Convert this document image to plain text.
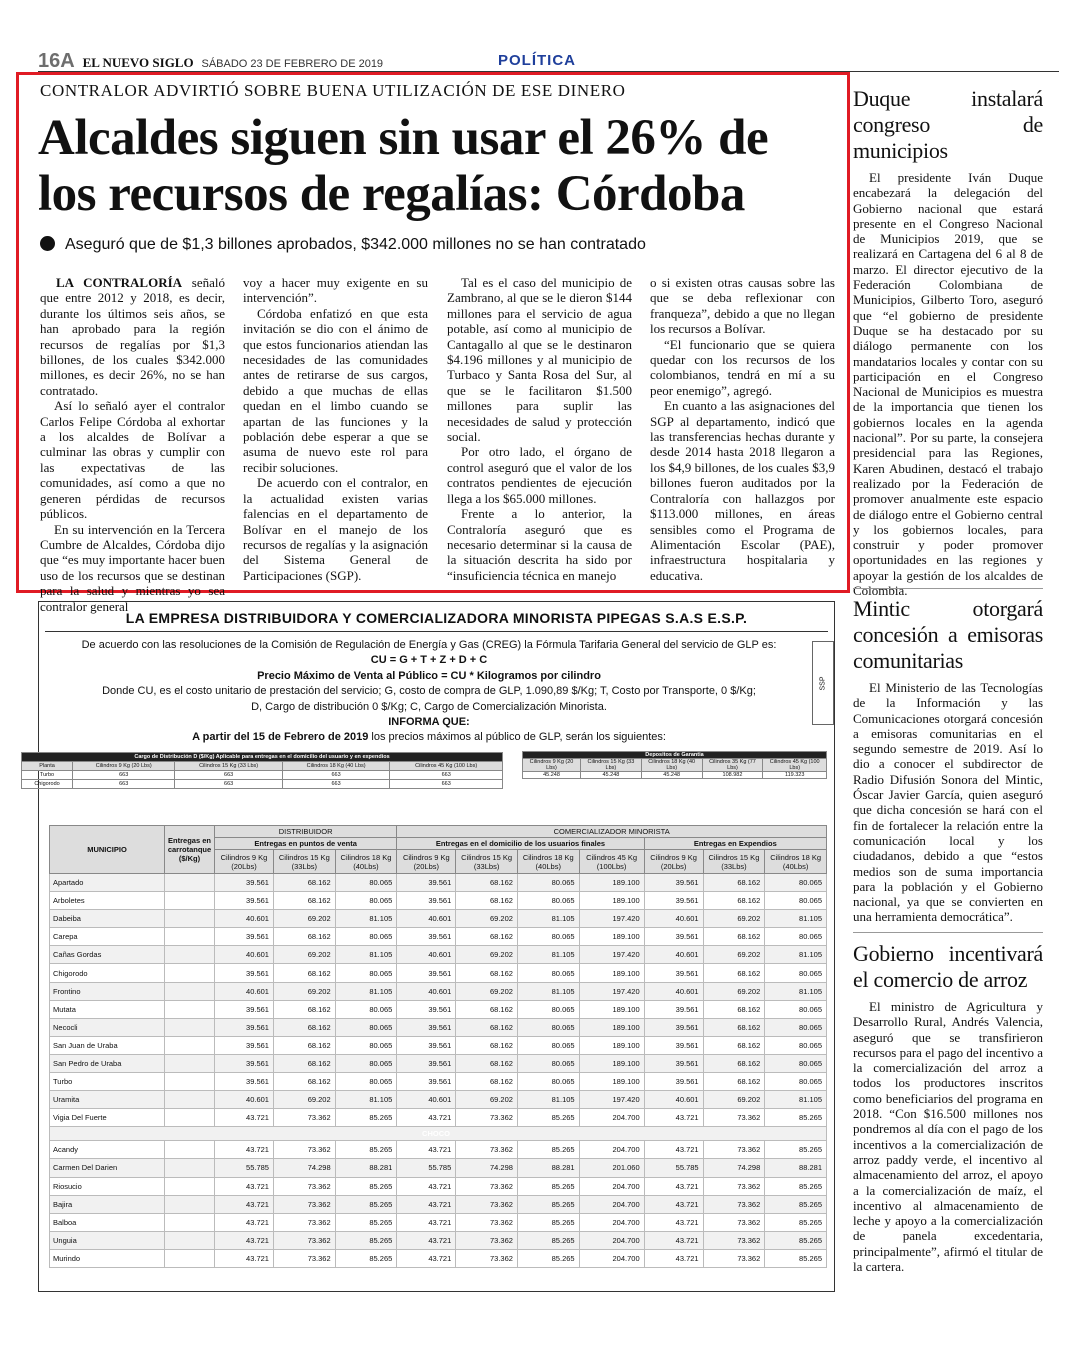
16A EL NUEVO SIGLO SÁBADO 23 DE FEBRERO DE 2019	POLÍTICA
CONTRALOR ADVIRTIÓ SOBRE BUENA UTILIZACIÓN DE ESE DINERO
Alcaldes siguen sin usar el 26% de los recursos de regalías: Córdoba
Aseguró que de $1,3 billones aprobados, $342.000 millones no se han contratado

LA CONTRALORÍA señaló que entre 2012 y 2018, es decir, durante los últimos seis años, se han aprobado para la región recursos de regalías por $1,3 billones, de los cuales $342.000 millones, es decir 26%, no se han contratado.

Así lo señaló ayer el contralor Carlos Felipe Córdoba al exhortar a los alcaldes de Bolívar a culminar las obras y cumplir con las expectativas de las comunidades, así como a que no generen pérdidas de recursos públicos.

En su intervención en la Tercera Cumbre de Alcaldes, Córdoba dijo que “es muy importante hacer buen uso de los recursos que se destinan para la salud y mientras yo sea contralor general

voy a hacer muy exigente en su intervención”.

Córdoba enfatizó en que esta invitación se dio con el ánimo de que estos funcionarios atiendan las necesidades de las comunidades antes de retirarse de sus cargos, debido a que muchas de ellas quedan en el limbo cuando se apartan de las funciones y la población debe esperar a que se asuma de nuevo este rol para recibir soluciones.

De acuerdo con el contralor, en la actualidad existen varias falencias en el departamento de Bolívar en el manejo de los recursos de regalías y la asignación del Sistema General de Participaciones (SGP).

Tal es el caso del municipio de Zambrano, al que se le dieron $144 millones para el servicio de agua potable, así como al municipio de Cantagallo al que se le destinaron $4.196 millones y al municipio de Turbaco y Santa Rosa del Sur, al que se le facilitaron $1.500 millones para suplir las necesidades de salud y protección social.

Por otro lado, el órgano de control aseguró que el valor de los contratos pendientes de ejecución llega a los $65.000 millones.

Frente a lo anterior, la Contraloría aseguró que es necesario determinar si la causa de la situación descrita ha sido por “insuficiencia técnica en manejo

o si existen otras causas sobre las que se deba reflexionar con franqueza”, debido a que no llegan los recursos a Bolívar.

“El funcionario que se quiera quedar con los recursos de los colombianos, tendrá en mí a su peor enemigo”, agregó.

En cuanto a las asignaciones del SGP al departamento, indicó que las transferencias hechas durante y desde 2014 hasta 2018 llegaron a los $4,9 billones, de los cuales $3,9 billones fueron auditados por la Contraloría con hallazgos por $113.000 millones, en áreas sensibles como el Programa de Alimentación Escolar (PAE), infraestructura hospitalaria y educativa.

Duque instalará congreso de municipios

El presidente Iván Duque encabezará la delegación del Gobierno nacional que estará presente en el Congreso Nacional de Municipios 2019, que se realizará en Cartagena del 6 al 8 de marzo. El director ejecutivo de la Federación Colombiana de Municipios, Gilberto Toro, aseguró que “el gobierno de presidente Duque se ha destacado por su diálogo permanente con los mandatarios locales y contar con su participación en el Congreso Nacional de Municipios es muestra de la importancia que tienen los gobiernos locales en la agenda nacional”. Por su parte, la consejera presidencial para las Regiones, Karen Abudinen, destacó el trabajo realizado por la Federación de promover anualmente este espacio de diálogo entre el Gobierno central y los gobiernos locales, para construir y poder promover oportunidades en las regiones y apoyar la gestión de los alcaldes de Colombia.

Mintic otorgará concesión a emisoras comunitarias

El Ministerio de las Tecnologías de la Información y las Comunicaciones otorgará concesión a emisoras comunitarias en el segundo semestre de 2019. Así lo dio a conocer el subdirector de Radio Difusión Sonora del Mintic, Óscar Javier García, quien aseguró que dicha concesión se hará con el fin de fortalecer la relación entre la comunicación local y los ciudadanos, debido a que “estos medios son de suma importancia para la población y el Gobierno nacional, ya que se convierten en una herramienta democrática”.

Gobierno incentivará el comercio de arroz

El ministro de Agricultura y Desarrollo Rural, Andrés Valencia, aseguró que se transfirieron recursos para el pago del incentivo a la comercialización del arroz a todos los productores inscritos como beneficiarios del programa en 2018. “Con $16.500 millones nos pondremos al día con el pago de los incentivos a la comercialización de arroz paddy verde, el incentivo al almacenamiento del arroz, el apoyo a la comercialización de maíz, el incentivo al almacenamiento de leche y apoyo a la comercialización de panela excedentaria, principalmente”, afirmó el titular de la cartera.

LA EMPRESA DISTRIBUIDORA Y COMERCIALIZADORA MINORISTA PIPEGAS S.A.S E.S.P.
De acuerdo con las resoluciones de la Comisión de Regulación de Energía y Gas (CREG) la Fórmula Tarifaria General del servicio de GLP es:
CU = G + T + Z + D + C
Precio Máximo de Venta al Público = CU * Kilogramos por cilindro
Donde CU, es el costo unitario de prestación del servicio; G, costo de compra de GLP, 1.090,89 $/Kg; T, Costo por Transporte, 0 $/Kg;
D, Cargo de distribución 0 $/Kg; C, Cargo de Comercialización Minorista.
INFORMA QUE:
A partir del 15 de Febrero de 2019 los precios máximos al público de GLP, serán los siguientes:
SSP
Cargo de Distribución D ($/Kg) Aplicable para entregas en el domicilio del usuario y en expendios				
Planta	Cilindros 9 Kg (20 Lbs)	Cilindros 15 Kg (33 Lbs)	Cilindros 18 Kg (40 Lbs)	Cilindros 45 Kg (100 Lbs)
Turbo	663	663	663	663
Chigorodo	663	663	663	663
Depositos de Garantia				
Cilindros 9 Kg (20 Lbs)	Cilindros 15 Kg (33 Lbs)	Cilindros 18 Kg (40 Lbs)	Cilindros 35 Kg (77 Lbs)	Cilindros 45 Kg (100 Lbs)
45.248	45.248	45.248	108.982	119.323
MUNICIPIO	Entregas en carrotanque ($/Kg)	DISTRIBUIDOR			COMERCIALIZADOR MINORISTA						
		Entregas en puntos de venta			Entregas en el domicilio de los usuarios finales				Entregas en Expendios		
		Cilindros 9 Kg (20Lbs)	Cilindros 15 Kg (33Lbs)	Cilindros 18 Kg (40Lbs)	Cilindros 9 Kg (20Lbs)	Cilindros 15 Kg (33Lbs)	Cilindros 18 Kg (40Lbs)	Cilindros 45 Kg (100Lbs)	Cilindros 9 Kg (20Lbs)	Cilindros 15 Kg (33Lbs)	Cilindros 18 Kg (40Lbs)
Apartado		39.561	68.162	80.065	39.561	68.162	80.065	189.100	39.561	68.162	80.065
Arboletes		39.561	68.162	80.065	39.561	68.162	80.065	189.100	39.561	68.162	80.065
Dabeiba		40.601	69.202	81.105	40.601	69.202	81.105	197.420	40.601	69.202	81.105
Carepa		39.561	68.162	80.065	39.561	68.162	80.065	189.100	39.561	68.162	80.065
Cañas Gordas		40.601	69.202	81.105	40.601	69.202	81.105	197.420	40.601	69.202	81.105
Chigorodo		39.561	68.162	80.065	39.561	68.162	80.065	189.100	39.561	68.162	80.065
Frontino		40.601	69.202	81.105	40.601	69.202	81.105	197.420	40.601	69.202	81.105
Mutata		39.561	68.162	80.065	39.561	68.162	80.065	189.100	39.561	68.162	80.065
Necocli		39.561	68.162	80.065	39.561	68.162	80.065	189.100	39.561	68.162	80.065
San Juan de Uraba		39.561	68.162	80.065	39.561	68.162	80.065	189.100	39.561	68.162	80.065
San Pedro de Uraba		39.561	68.162	80.065	39.561	68.162	80.065	189.100	39.561	68.162	80.065
Turbo		39.561	68.162	80.065	39.561	68.162	80.065	189.100	39.561	68.162	80.065
Uramita		40.601	69.202	81.105	40.601	69.202	81.105	197.420	40.601	69.202	81.105
Vigia Del Fuerte		43.721	73.362	85.265	43.721	73.362	85.265	204.700	43.721	73.362	85.265
CHOCO											
Acandy		43.721	73.362	85.265	43.721	73.362	85.265	204.700	43.721	73.362	85.265
Carmen Del Darien		55.785	74.298	88.281	55.785	74.298	88.281	201.060	55.785	74.298	88.281
Riosucio		43.721	73.362	85.265	43.721	73.362	85.265	204.700	43.721	73.362	85.265
Bajira		43.721	73.362	85.265	43.721	73.362	85.265	204.700	43.721	73.362	85.265
Balboa		43.721	73.362	85.265	43.721	73.362	85.265	204.700	43.721	73.362	85.265
Unguia		43.721	73.362	85.265	43.721	73.362	85.265	204.700	43.721	73.362	85.265
Murindo		43.721	73.362	85.265	43.721	73.362	85.265	204.700	43.721	73.362	85.265
